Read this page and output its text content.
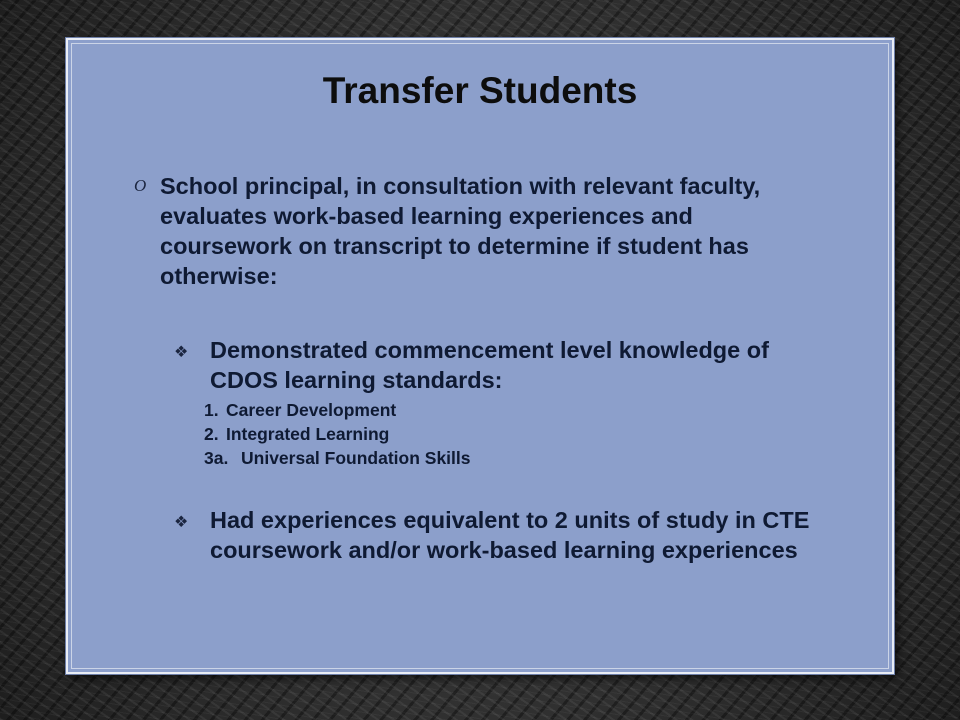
Transfer Students
O School principal, in consultation with relevant faculty, evaluates work-based learning experiences and coursework on transcript to determine if student has otherwise:
❖ Demonstrated commencement level knowledge of CDOS learning standards:
1. Career Development
2. Integrated Learning
3a. Universal Foundation Skills
❖ Had experiences equivalent to 2 units of study in CTE coursework and/or work-based learning experiences
